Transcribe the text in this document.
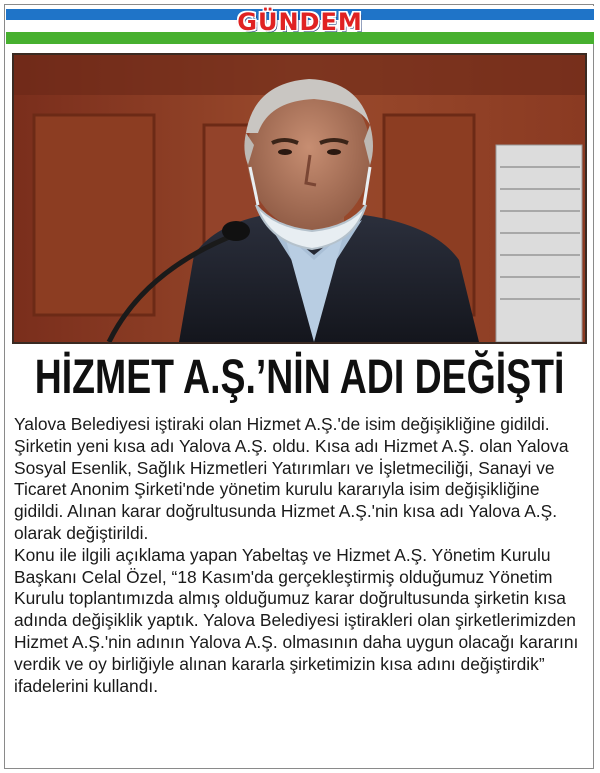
GÜNDEM
HİZMET A.Ş.’NİN ADI DEĞİŞTİ

Yalova Belediyesi iştiraki olan Hizmet A.Ş.'de isim değişikliğine gidildi. Şirketin yeni kısa adı Yalova A.Ş. oldu. Kısa adı Hizmet A.Ş. olan Yalova Sosyal Esenlik, Sağlık Hizmetleri Yatırımları ve İşletmeciliği, Sanayi ve Ticaret Anonim Şirketi'nde yönetim kurulu kararıyla isim değişikliğine gidildi. Alınan karar doğrultusunda Hizmet A.Ş.'nin kısa adı Yalova A.Ş. olarak değiştirildi.

Konu ile ilgili açıklama yapan Yabeltaş ve Hizmet A.Ş. Yönetim Kurulu Başkanı Celal Özel, “18 Kasım'da gerçekleştirmiş olduğumuz Yönetim Kurulu toplantımızda almış olduğumuz karar doğrultusunda şirketin kısa adında değişiklik yaptık. Yalova Belediyesi iştirakleri olan şirketlerimizden Hizmet A.Ş.'nin adının Yalova A.Ş. olmasının daha uygun olacağı kararını verdik ve oy birliğiyle alınan kararla şirketimizin kısa adını değiştirdik” ifadelerini kullandı.
